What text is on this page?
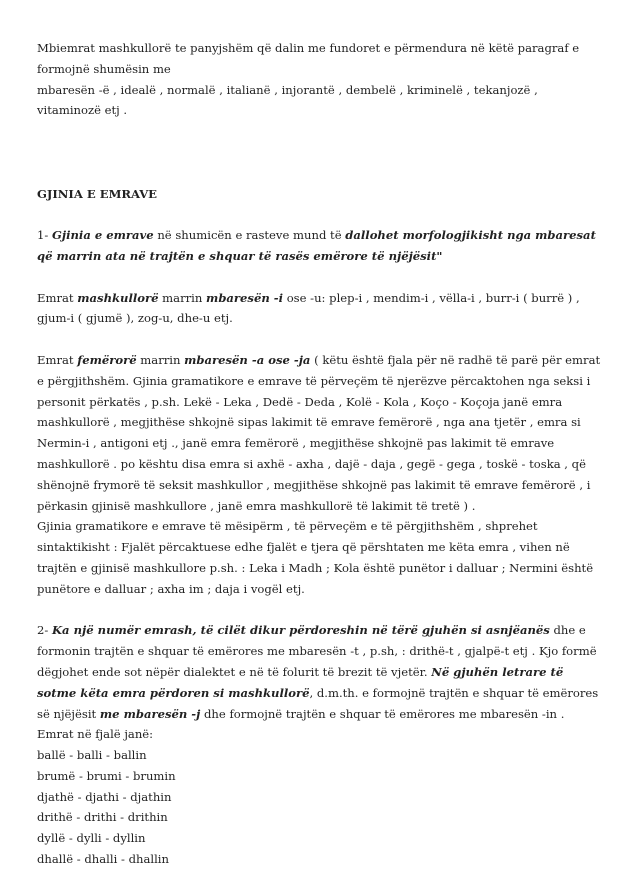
Mbiemrat mashkullorë te panyjshëm që dalin me fundoret e përmendura në këtë paragraf e formojnë shumësin me
mbaresën -ë , idealë , normalë , italianë , injorantë , dembelë , kriminelë , tekanjozë , vitaminozë etj .

GJINIA E EMRAVE

1- Gjinia e emrave në shumicën e rasteve mund të dallohet morfologjikisht nga mbaresat që marrin ata në trajtën e shquar të rasës emërore të njëjësit"

Emrat mashkullorë marrin mbaresën -i ose -u: plep-i , mendim-i , vëlla-i , burr-i ( burrë ) , gjum-i ( gjumë ), zog-u, dhe-u etj.

Emrat femërorë marrin mbaresën -a ose -ja ( këtu është fjala për në radhë të parë për emrat e përgjithshëm. Gjinia gramatikore e emrave të përveçëm të njerëzve përcaktohen nga seksi i personit përkatës , p.sh. Lekë - Leka , Dedë - Deda , Kolë - Kola , Koço - Koçoja janë emra mashkullorë , megjithëse shkojnë sipas lakimit të emrave femërorë , nga ana tjetër , emra si Nermin-i , antigoni etj ., janë emra femërorë , megjithëse shkojnë pas lakimit të emrave mashkullorë . po kështu disa emra si axhë - axha , dajë - daja , gegë - gega , toskë - toska , që shënojnë frymorë të seksit mashkullor , megjithëse shkojnë pas lakimit të emrave femërorë , i përkasin gjinisë mashkullore , janë emra mashkullorë të lakimit të tretë ) .
Gjinia gramatikore e emrave të mësipërm , të përveçëm e të përgjithshëm , shprehet sintaktikisht : Fjalët përcaktuese edhe fjalët e tjera që përshtaten me këta emra , vihen në trajtën e gjinisë mashkullore p.sh. : Leka i Madh ; Kola është punëtor i dalluar ; Nermini është punëtore e dalluar ; axha im ; daja i vogël etj.

2- Ka një numër emrash, të cilët dikur përdoreshin në tërë gjuhën si asnjëanës dhe e formonin trajtën e shquar të emërores me mbaresën -t , p.sh, : drithë-t , gjalpë-t etj . Kjo formë dëgjohet ende sot nëpër dialektet e në të folurit të brezit të vjetër. Në gjuhën letrare të sotme këta emra përdoren si mashkullorë, d.m.th. e formojnë trajtën e shquar të emërores së njëjësit me mbaresën -j dhe formojnë trajtën e shquar të emërores me mbaresën -in .
Emrat në fjalë janë:

ballë - balli - ballin

brumë - brumi - brumin

djathë - djathi - djathin

drithë - drithi - drithin

dyllë - dylli - dyllin

dhallë - dhalli - dhallin
